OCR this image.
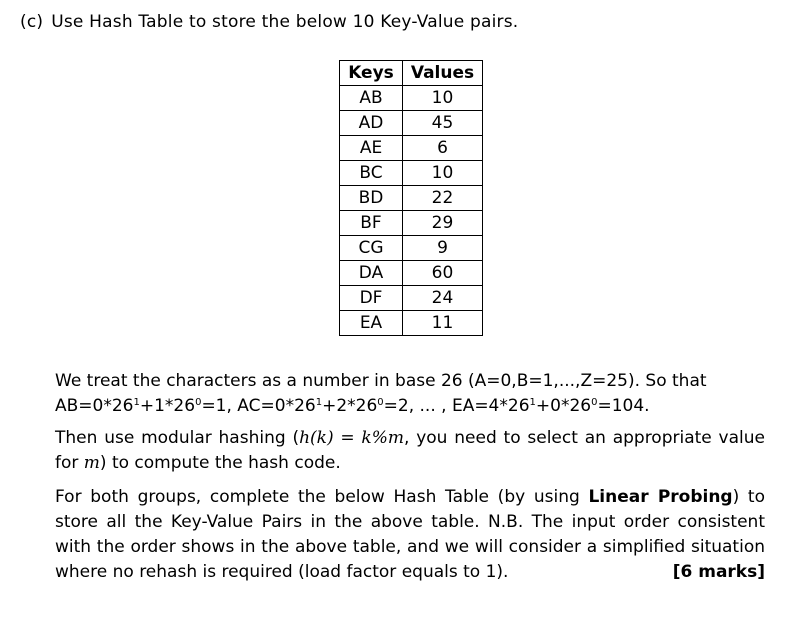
(c) Use Hash Table to store the below 10 Key-Value pairs.
Keys	Values
AB	10
AD	45
AE	6
BC	10
BD	22
BF	29
CG	9
DA	60
DF	24
EA	11
We treat the characters as a number in base 26 (A=0,B=1,...,Z=25). So that
$AB=0*26^1+1*26^0=1$, $AC=0*26^1+2*26^0=2$, ... , $EA=4*26^1+0*26^0=104$.
Then use modular hashing (h(k) = k%m, you need to select an appropriate value for m) to compute the hash code.
For both groups, complete the below Hash Table (by using Linear Probing) to store all the Key-Value Pairs in the above table. N.B. The input order consistent with the order shows in the above table, and we will consider a simplified situation where no rehash is required (load factor equals to 1).	[6 marks]
